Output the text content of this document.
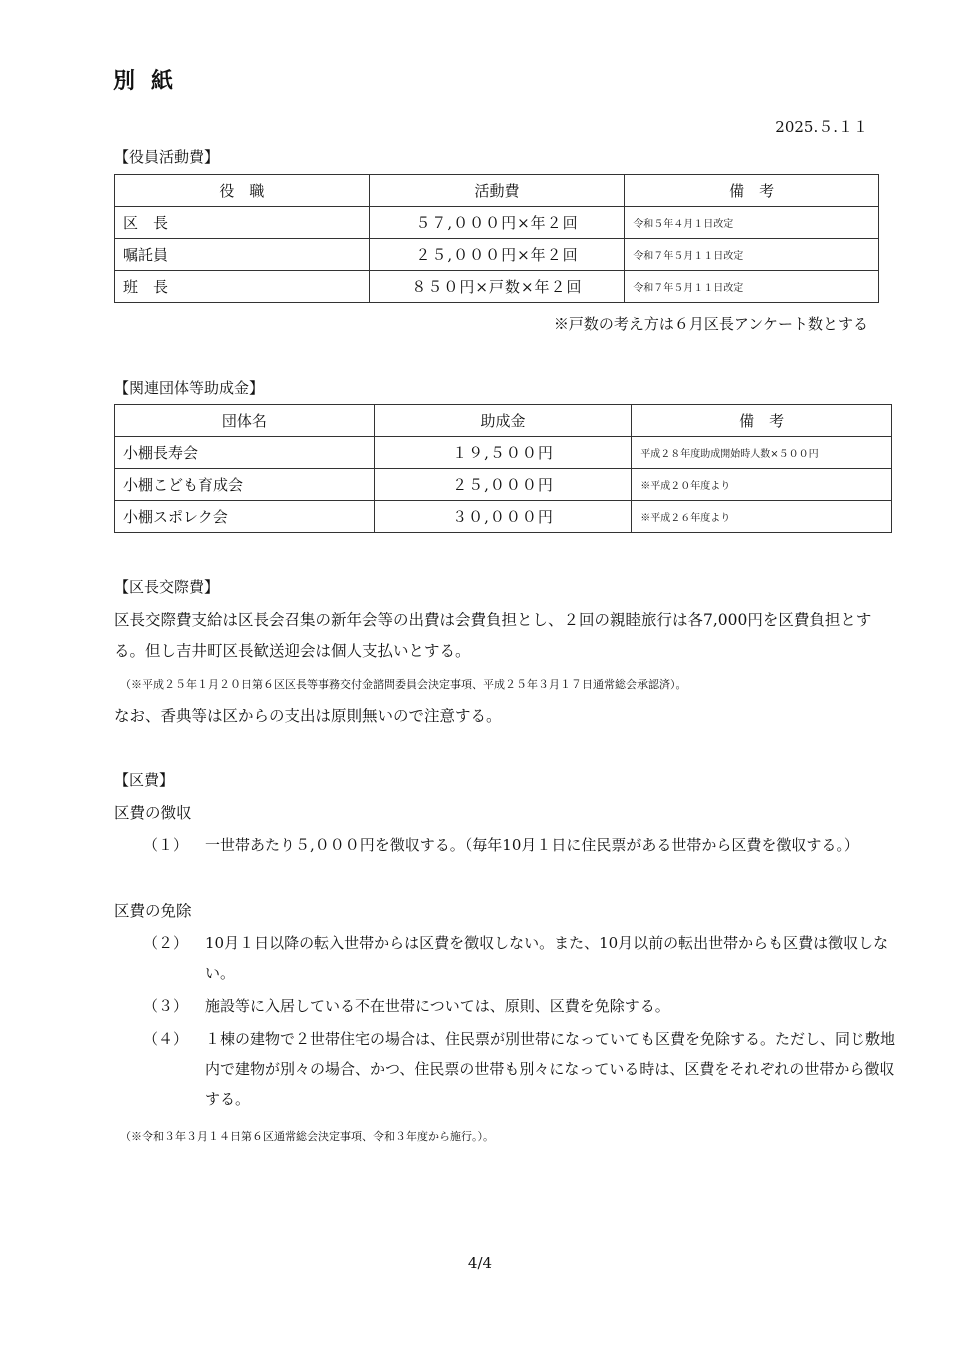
別 紙
2025.５.１１
【役員活動費】
役　職	活動費	備　考
区　長	５７,０００円×年２回	令和５年４月１日改定
嘱託員	２５,０００円×年２回	令和７年５月１１日改定
班　長	８５０円×戸数×年２回	令和７年５月１１日改定
※戸数の考え方は６月区長アンケート数とする
【関連団体等助成金】
団体名	助成金	備　考
小棚長寿会	１９,５００円	平成２８年度助成開始時人数×５００円
小棚こども育成会	２５,０００円	※平成２０年度より
小棚スポレク会	３０,０００円	※平成２６年度より
【区長交際費】
区長交際費支給は区長会召集の新年会等の出費は会費負担とし、２回の親睦旅行は各7,000円を区費負担とする。但し吉井町区長歓送迎会は個人支払いとする。
（※平成２５年１月２０日第６区区長等事務交付金諮問委員会決定事項、平成２５年３月１７日通常総会承認済）。
なお、香典等は区からの支出は原則無いので注意する。
【区費】
区費の徴収
（１）	一世帯あたり５,０００円を徴収する。（毎年10月１日に住民票がある世帯から区費を徴収する。）
区費の免除
（２）	10月１日以降の転入世帯からは区費を徴収しない。また、10月以前の転出世帯からも区費は徴収しない。
（３）	施設等に入居している不在世帯については、原則、区費を免除する。
（４）	１棟の建物で２世帯住宅の場合は、住民票が別世帯になっていても区費を免除する。ただし、同じ敷地内で建物が別々の場合、かつ、住民票の世帯も別々になっている時は、区費をそれぞれの世帯から徴収する。
（※令和３年３月１４日第６区通常総会決定事項、令和３年度から施行。）。
4/4
